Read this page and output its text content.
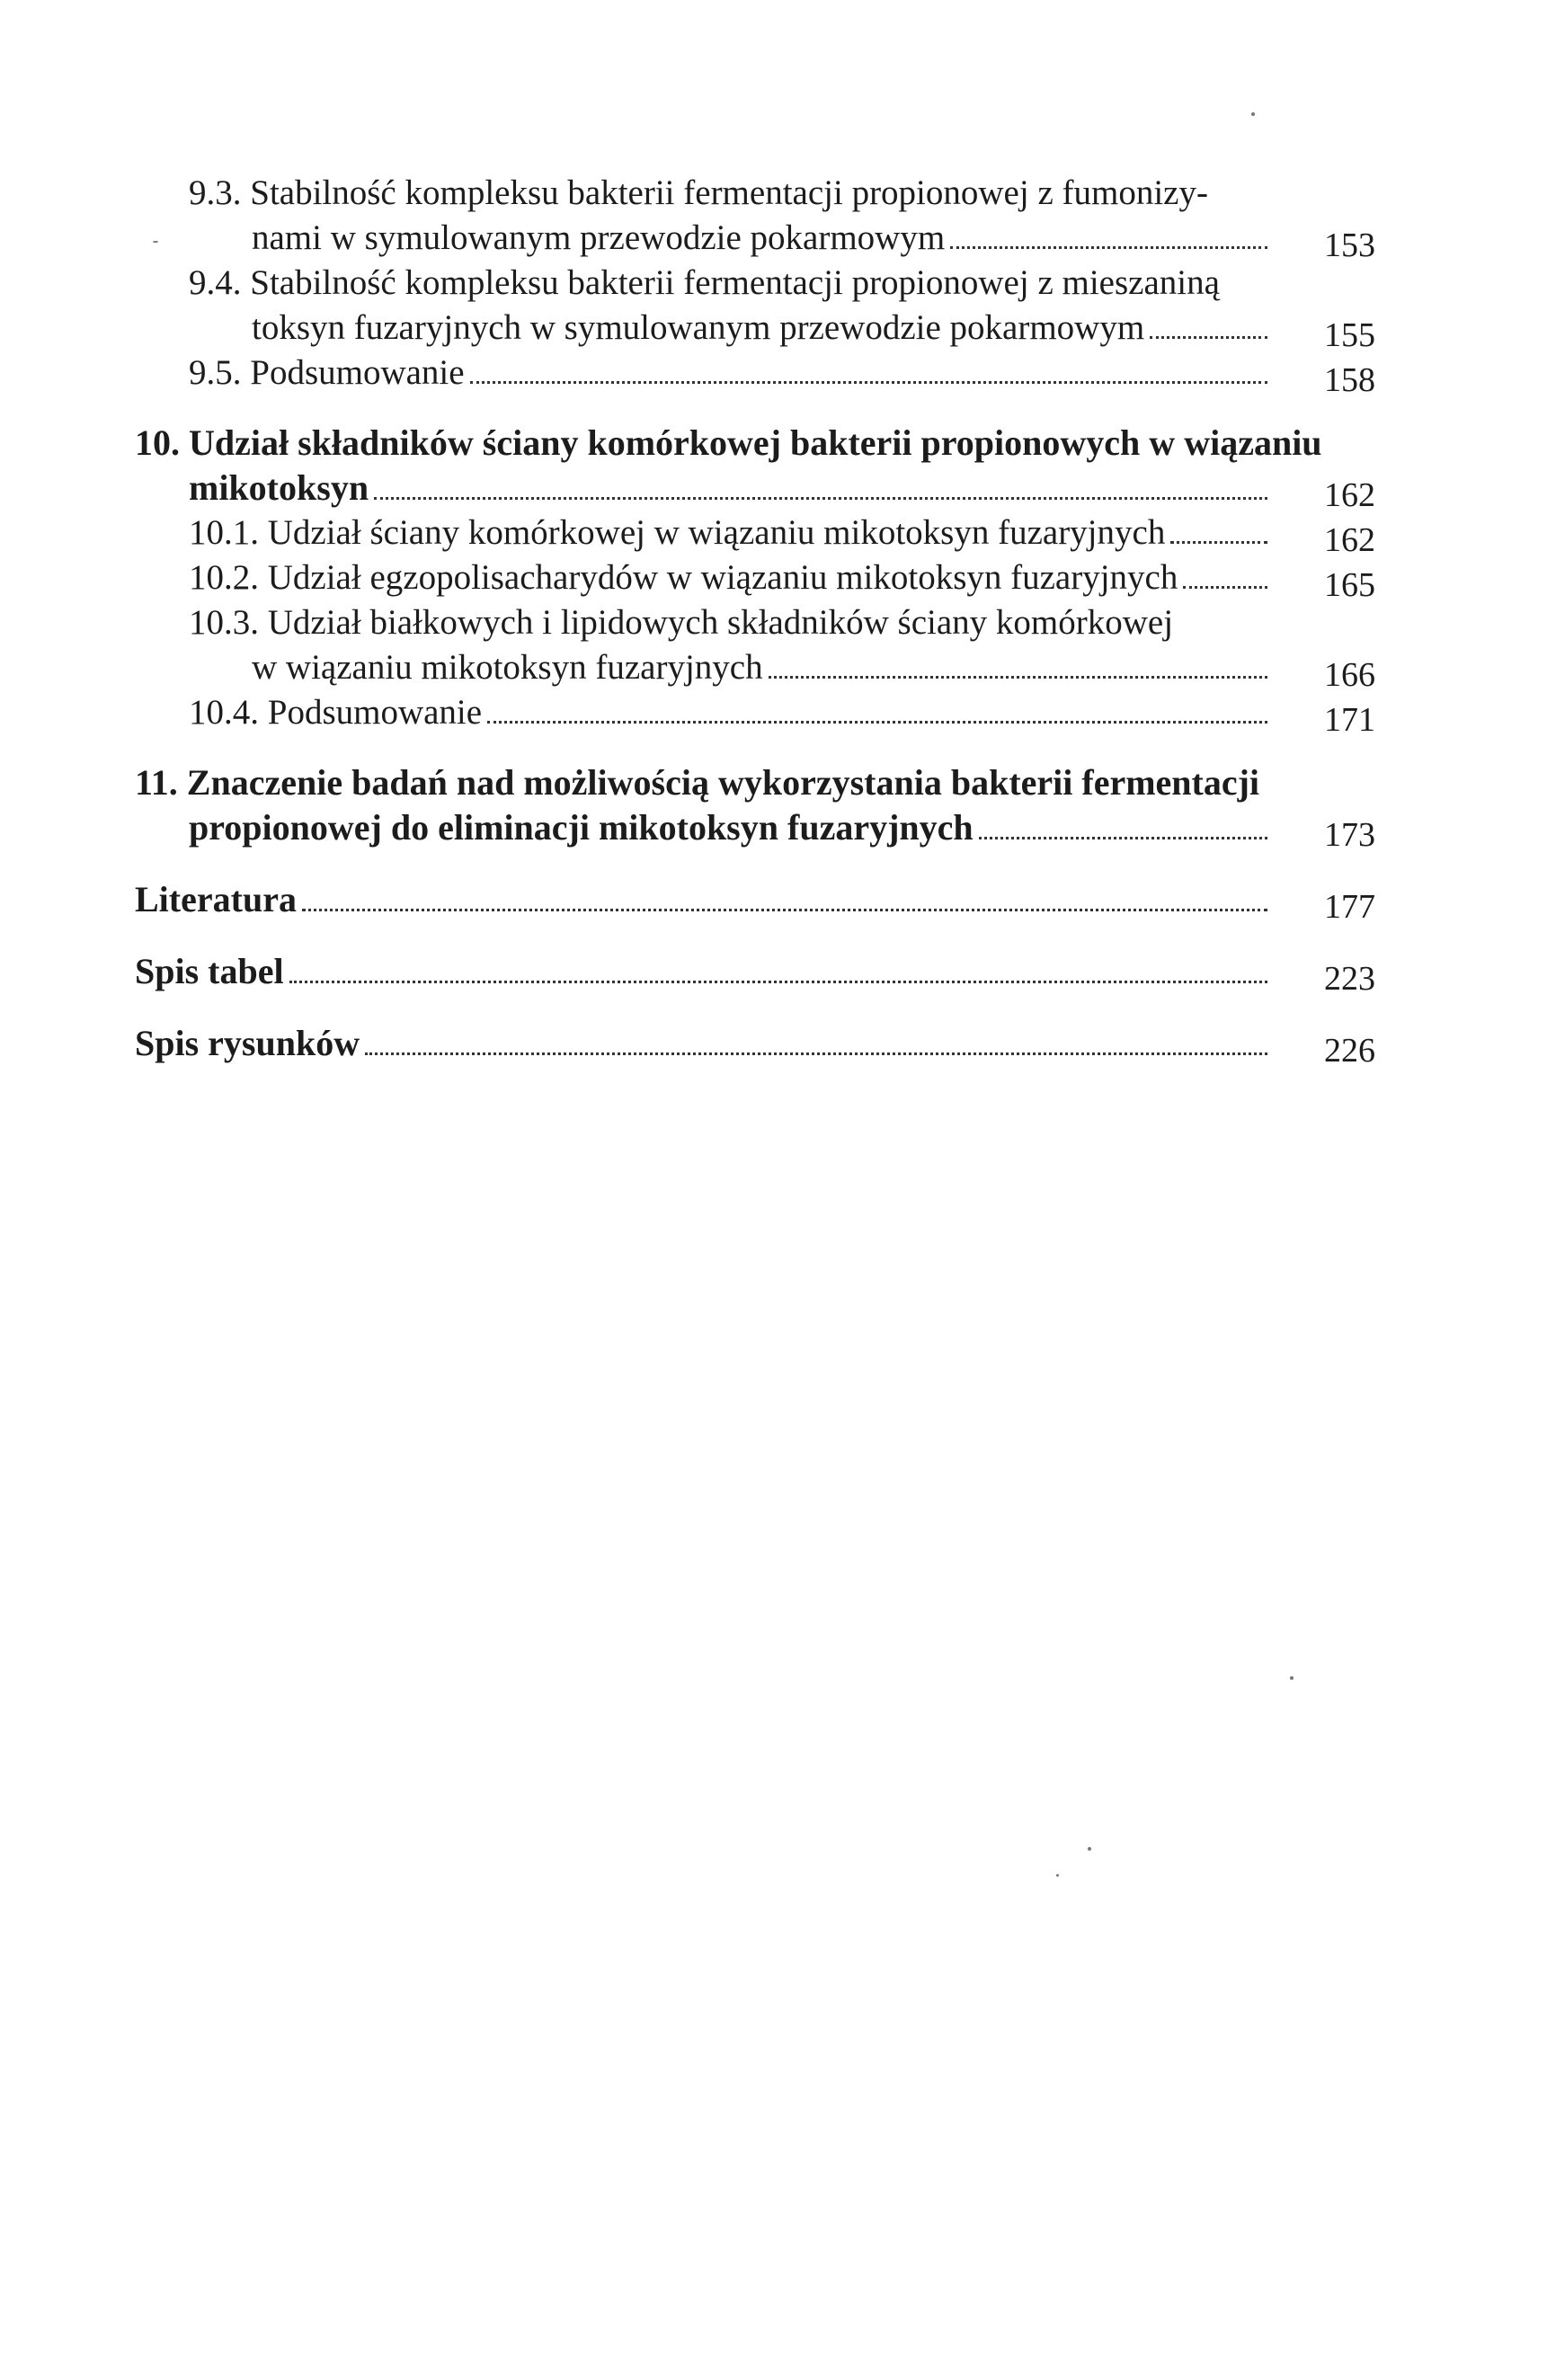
9.3. Stabilność kompleksu bakterii fermentacji propionowej z fumonizy-
nami w symulowanym przewodzie pokarmowym	153
9.4. Stabilność kompleksu bakterii fermentacji propionowej z mieszaniną
toksyn fuzaryjnych w symulowanym przewodzie pokarmowym	155
9.5. Podsumowanie	158
10. Udział składników ściany komórkowej bakterii propionowych w wiązaniu
mikotoksyn	162
10.1. Udział ściany komórkowej w wiązaniu mikotoksyn fuzaryjnych	162
10.2. Udział egzopolisacharydów w wiązaniu mikotoksyn fuzaryjnych	165
10.3. Udział białkowych i lipidowych składników ściany komórkowej
w wiązaniu mikotoksyn fuzaryjnych	166
10.4. Podsumowanie	171
11. Znaczenie badań nad możliwością wykorzystania bakterii fermentacji
propionowej do eliminacji mikotoksyn fuzaryjnych	173
Literatura	177
Spis tabel	223
Spis rysunków	226
